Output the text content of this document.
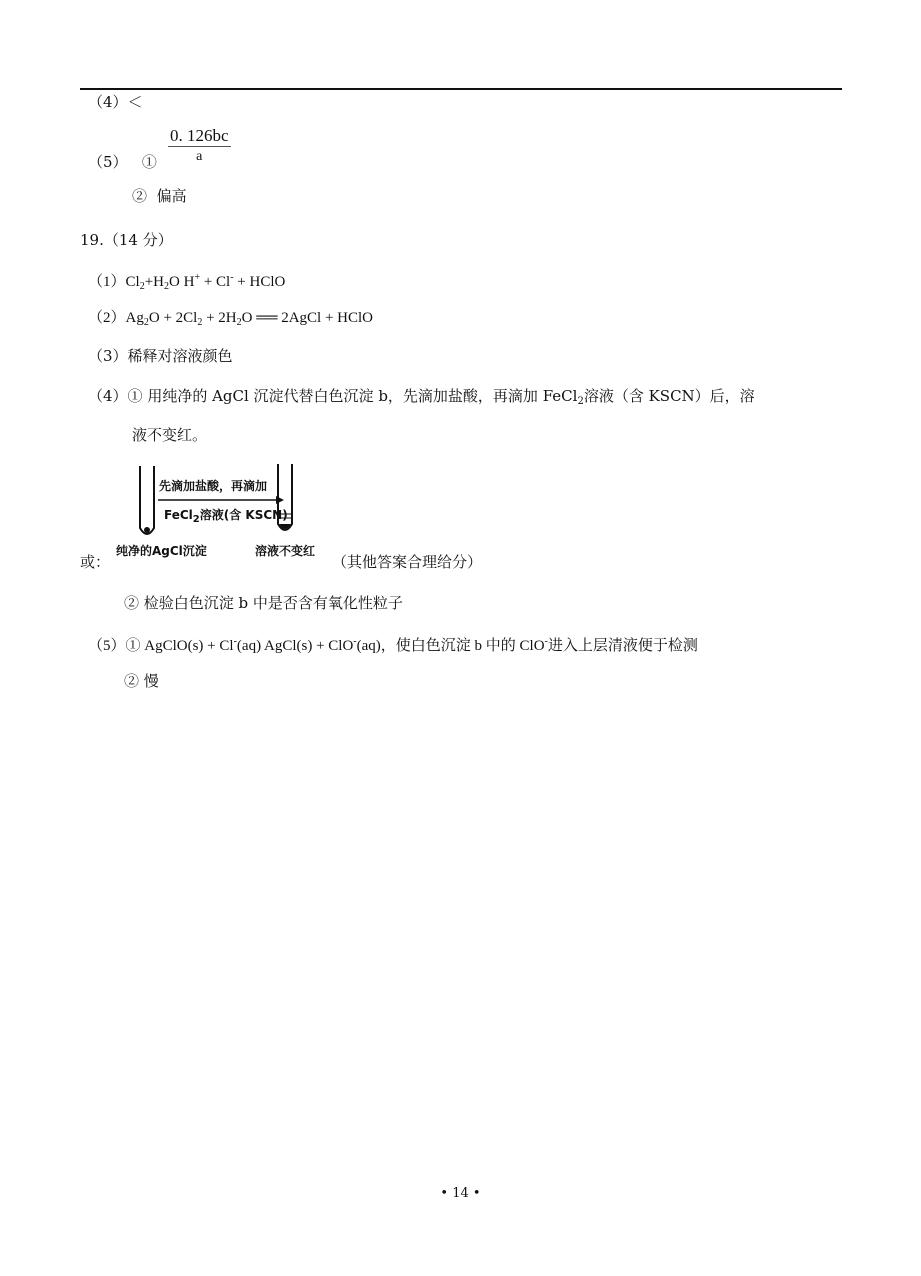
（4）＜
（5） ①
0. 126bc
a
② 偏高
19.（14 分）
$(1)Cl_2+H_2O$ H+ + Cl- + HClO
$(2)Ag_2O + 2Cl_2 + 2H_2O$ ══ 2AgCl + HClO
（3）稀释对溶液颜色
（4）① 用纯净的 AgCl 沉淀代替白色沉淀 b，先滴加盐酸，再滴加 FeCl$_2$溶液（含 KSCN）后，溶
液不变红。
先滴加盐酸，再滴加
FeCl$_2$溶液(含 KSCN)
纯净的AgCl沉淀	溶液不变红
或：	（其他答案合理给分）
② 检验白色沉淀 b 中是否含有氧化性粒子
（5）① AgClO(s) + Cl-(aq) AgCl(s) + ClO-(aq)，使白色沉淀 b 中的 ClO-进入上层清液便于检测
② 慢
• 14 •
